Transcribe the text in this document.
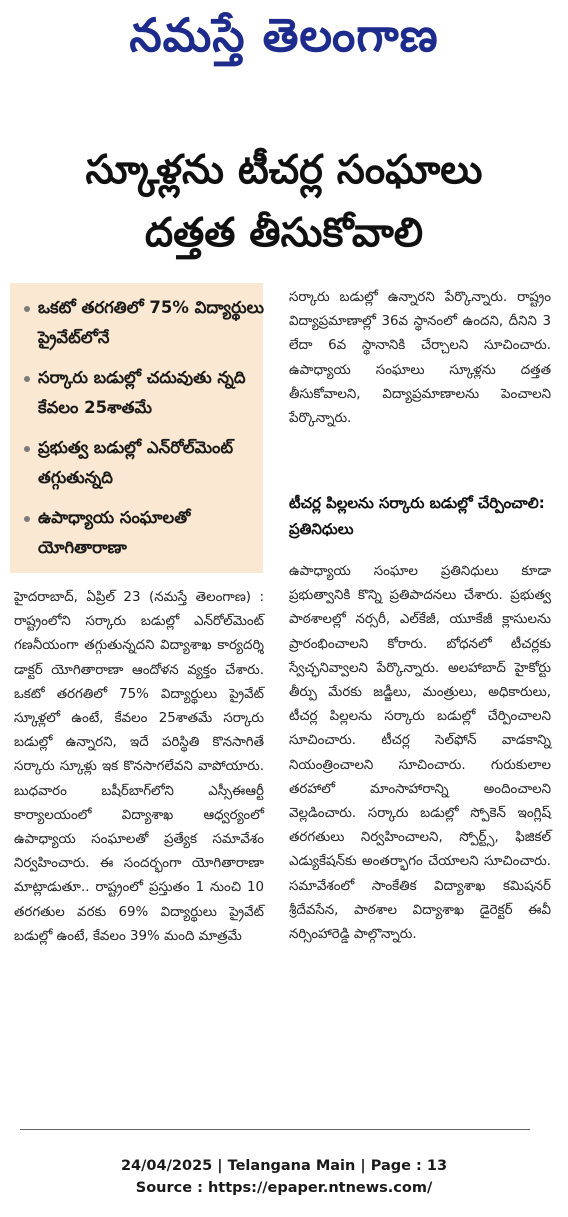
నమస్తే తెలంగాణ
స్కూళ్లను టీచర్ల సంఘాలు
దత్తత తీసుకోవాలి
ఒకటో తరగతిలో 75% విద్యార్థులు ప్రైవేట్‌లోనే
సర్కారు బడుల్లో చదువుతు న్నది కేవలం 25శాతమే
ప్రభుత్వ బడుల్లో ఎన్‌రోల్‌మెంట్ తగ్గుతున్నది
ఉపాధ్యాయ సంఘాలతో యోగితారాణా
హైదరాబాద్, ఏప్రిల్ 23 (నమస్తే తెలంగాణ) : రాష్ట్రంలోని సర్కారు బడుల్లో ఎన్‌రోల్‌మెంట్ గణనీయంగా తగ్గుతున్నదని విద్యాశాఖ కార్యదర్శి డాక్టర్ యోగితారాణా ఆందోళన వ్యక్తం చేశారు. ఒకటో తరగతిలో 75% విద్యార్థులు ప్రైవేట్ స్కూళ్లలో ఉంటే, కేవలం 25శాతమే సర్కారు బడుల్లో ఉన్నారని, ఇదే పరిస్థితి కొనసాగితే సర్కారు స్కూళ్లు ఇక కొనసాగలేవని వాపోయారు. బుధవారం బషీర్‌బాగ్‌లోని ఎస్సీఈఆర్టీ కార్యాలయంలో విద్యాశాఖ ఆధ్వర్యంలో ఉపాధ్యాయ సంఘాలతో ప్రత్యేక సమావేశం నిర్వహించారు. ఈ సందర్భంగా యోగితారాణా మాట్లాడుతూ.. రాష్ట్రంలో ప్రస్తుతం 1 నుంచి 10 తరగతుల వరకు 69% విద్యార్థులు ప్రైవేట్ బడుల్లో ఉంటే, కేవలం 39% మంది మాత్రమే
సర్కారు బడుల్లో ఉన్నారని పేర్కొన్నారు. రాష్ట్రం విద్యాప్రమాణాల్లో 36వ స్థానంలో ఉందని, దీనిని 3 లేదా 6వ స్థానానికి చేర్చాలని సూచించారు. ఉపాధ్యాయ సంఘాలు స్కూళ్లను దత్తత తీసుకోవాలని, విద్యాప్రమాణాలను పెంచాలని పేర్కొన్నారు.
టీచర్ల పిల్లలను సర్కారు బడుల్లో చేర్పించాలి: ప్రతినిధులు
ఉపాధ్యాయ సంఘాల ప్రతినిధులు కూడా ప్రభుత్వానికి కొన్ని ప్రతిపాదనలు చేశారు. ప్రభుత్వ పాఠశాలల్లో నర్సరీ, ఎల్‌కేజీ, యూకేజీ క్లాసులను ప్రారంభించాలని కోరారు. బోధనలో టీచర్లకు స్వేచ్ఛనివ్వాలని పేర్కొన్నారు. అలహాబాద్ హైకోర్టు తీర్పు మేరకు జడ్జీలు, మంత్రులు, అధికారులు, టీచర్ల పిల్లలను సర్కారు బడుల్లో చేర్పించాలని సూచించారు. టీచర్ల సెల్‌ఫోన్ వాడకాన్ని నియంత్రించాలని సూచించారు. గురుకులాల తరహాలో మాంసాహారాన్ని అందించాలని వెల్లడించారు. సర్కారు బడుల్లో స్పోకెన్ ఇంగ్లిష్ తరగతులు నిర్వహించాలని, స్పోర్ట్స్, ఫిజికల్ ఎడ్యుకేషన్‌కు అంతర్భాగం చేయాలని సూచించారు. సమావేశంలో సాంకేతిక విద్యాశాఖ కమిషనర్ శ్రీదేవసేన, పాఠశాల విద్యాశాఖ డైరెక్టర్ ఈవీ నర్సింహారెడ్డి పాల్గొన్నారు.
24/04/2025 | Telangana Main | Page : 13
Source : https://epaper.ntnews.com/
